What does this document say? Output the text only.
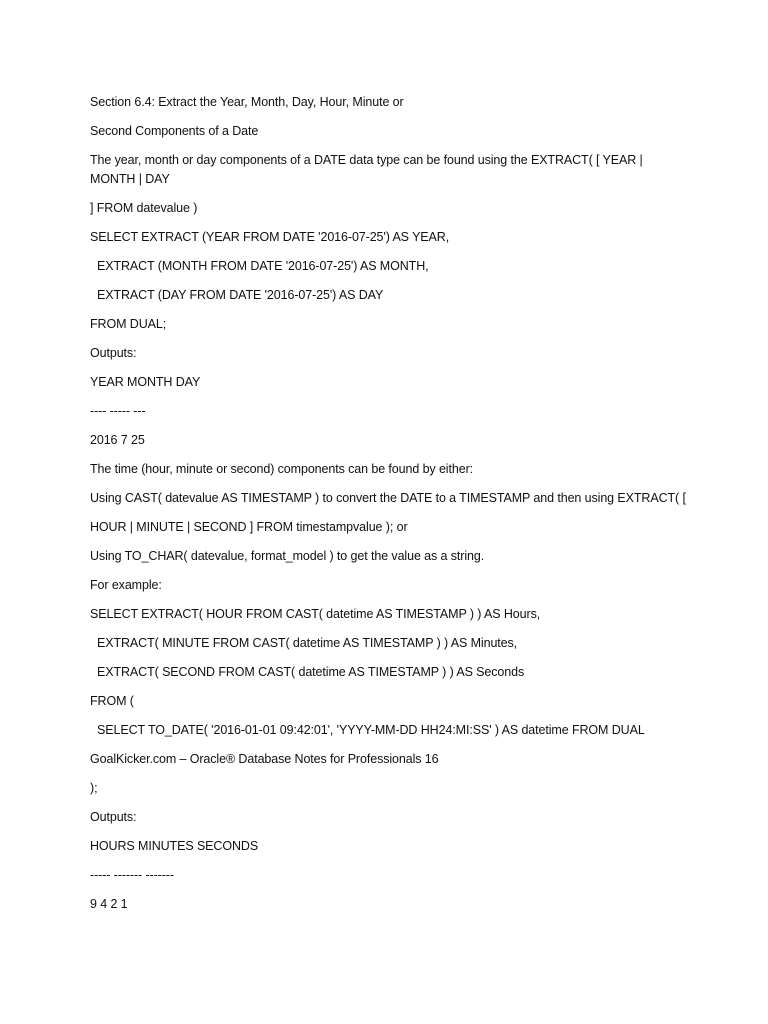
Section 6.4: Extract the Year, Month, Day, Hour, Minute or
Second Components of a Date
The year, month or day components of a DATE data type can be found using the EXTRACT( [ YEAR |
MONTH | DAY
] FROM datevalue )
SELECT EXTRACT (YEAR FROM DATE '2016-07-25') AS YEAR,
EXTRACT (MONTH FROM DATE '2016-07-25') AS MONTH,
EXTRACT (DAY FROM DATE '2016-07-25') AS DAY
FROM DUAL;
Outputs:
YEAR MONTH DAY
---- ----- ---
2016 7 25
The time (hour, minute or second) components can be found by either:
Using CAST( datevalue AS TIMESTAMP ) to convert the DATE to a TIMESTAMP and then using EXTRACT( [
HOUR | MINUTE | SECOND ] FROM timestampvalue ); or
Using TO_CHAR( datevalue, format_model ) to get the value as a string.
For example:
SELECT EXTRACT( HOUR FROM CAST( datetime AS TIMESTAMP ) ) AS Hours,
EXTRACT( MINUTE FROM CAST( datetime AS TIMESTAMP ) ) AS Minutes,
EXTRACT( SECOND FROM CAST( datetime AS TIMESTAMP ) ) AS Seconds
FROM (
SELECT TO_DATE( '2016-01-01 09:42:01', 'YYYY-MM-DD HH24:MI:SS' ) AS datetime FROM DUAL
GoalKicker.com – Oracle® Database Notes for Professionals 16
);
Outputs:
HOURS MINUTES SECONDS
----- ------- -------
9 4 2 1
